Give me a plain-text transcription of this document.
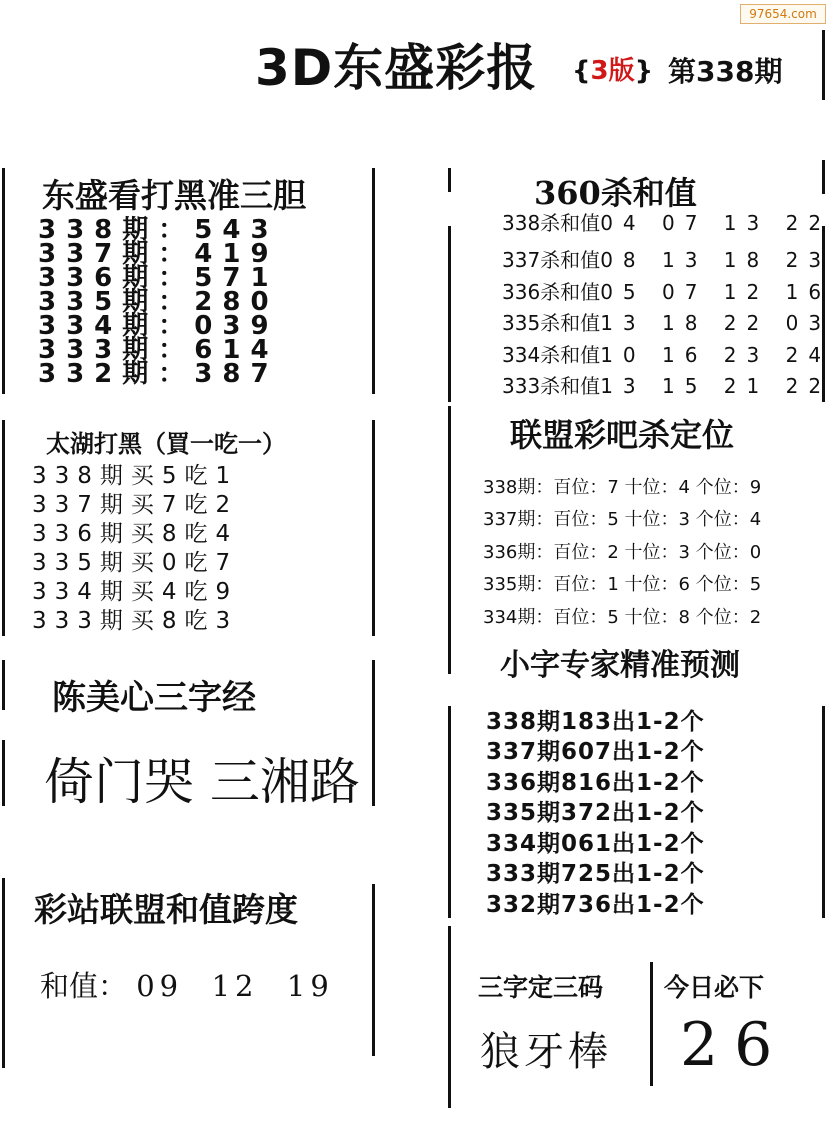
97654.com
3D东盛彩报 {3版} 第338期
东盛看打黑准三胆
338期：543
337期：419
336期：571
335期：280
334期：039
333期：614
332期：387
太湖打黑（買一吃一）
338期买5吃1
337期买7吃2
336期买8吃4
335期买0吃7
334期买4吃9
333期买8吃3
陈美心三字经
倚门哭 三湘路
彩站联盟和值跨度
和值： 09  12  19
360杀和值
338杀和值04 07 13 22
337杀和值08 13 18 23
336杀和值05 07 12 16
335杀和值13 18 22 03
334杀和值10 16 23 24
333杀和值13 15 21 22
联盟彩吧杀定位
338期：百位：7 十位：4 个位：9
337期：百位：5 十位：3 个位：4
336期：百位：2 十位：3 个位：0
335期：百位：1 十位：6 个位：5
334期：百位：5 十位：8 个位：2
小字专家精准预测
338期183出1-2个
337期607出1-2个
336期816出1-2个
335期372出1-2个
334期061出1-2个
333期725出1-2个
332期736出1-2个
三字定三码
狼牙棒
今日必下
26
